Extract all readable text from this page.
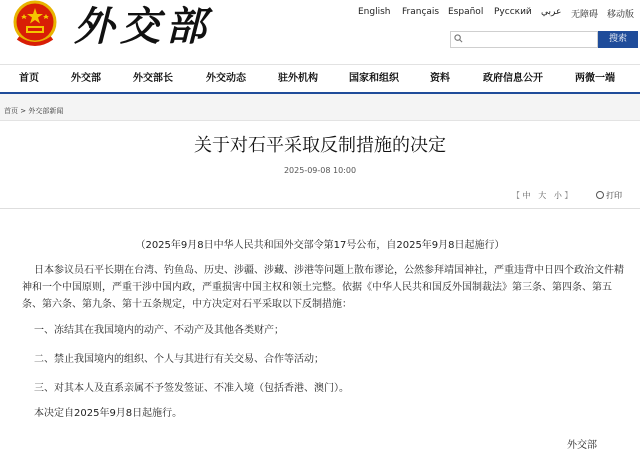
外交部	English Français Español Русский عربي 无障碍 移动版
搜索
首页	外交部	外交部长	外交动态	驻外机构	国家和组织	资料	政府信息公开	两微一端
首页 > 外交部新闻
关于对石平采取反制措施的决定
2025-09-08 10:00
【 中 大 小 】	打印
（2025年9月8日中华人民共和国外交部令第17号公布，自2025年9月8日起施行）
日本参议员石平长期在台湾、钓鱼岛、历史、涉疆、涉藏、涉港等问题上散布谬论，公然参拜靖国神社，严重违背中日四个政治文件精神和一个中国原则，严重干涉中国内政，严重损害中国主权和领土完整。依据《中华人民共和国反外国制裁法》第三条、第四条、第五条、第六条、第九条、第十五条规定，中方决定对石平采取以下反制措施：
一、冻结其在我国境内的动产、不动产及其他各类财产；
二、禁止我国境内的组织、个人与其进行有关交易、合作等活动；
三、对其本人及直系亲属不予签发签证、不准入境（包括香港、澳门）。
本决定自2025年9月8日起施行。
外交部
